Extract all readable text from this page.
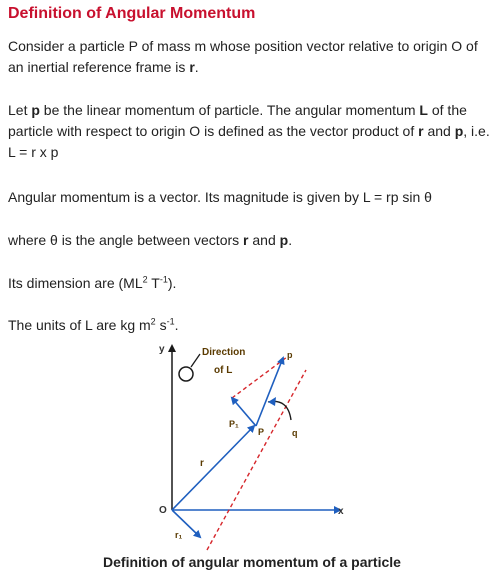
Definition of Angular Momentum

Consider a particle P of mass m whose position vector relative to origin O of an inertial reference frame is r.

Let p be the linear momentum of particle. The angular momentum L of the particle with respect to origin O is defined as the vector product of r and p, i.e. L = r x p

Angular momentum is a vector. Its magnitude is given by L = rp sin θ

where θ is the angle between vectors r and p.

Its dimension are ($ML^2$ $T^{-1}$).

The units of L are kg $m^2$ $s^{-1}$.

y
x
Direction
of L
r
r₁
p
P₁
P	q
O
Definition of angular momentum of a particle
